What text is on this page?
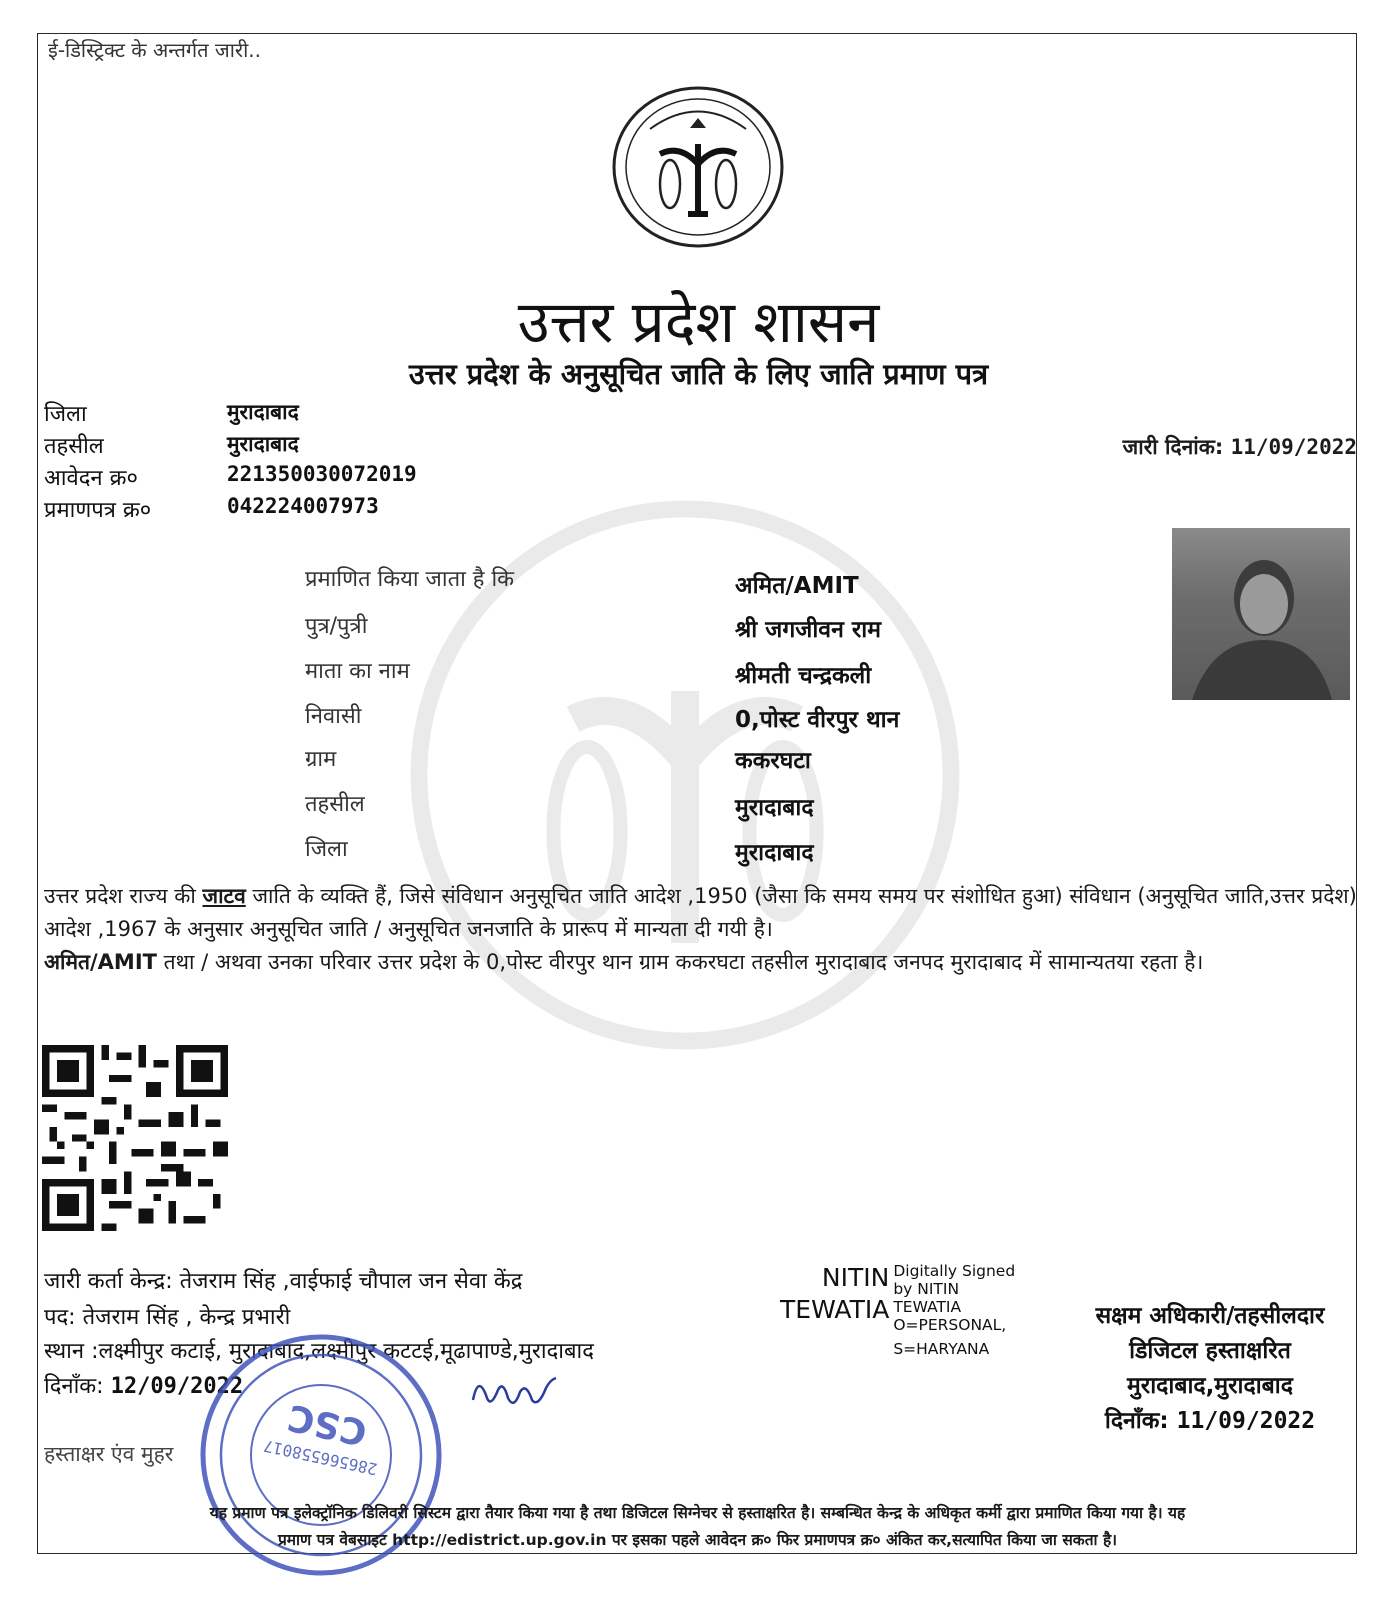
ई-डिस्ट्रिक्ट के अन्तर्गत जारी..
उत्तर प्रदेश शासन
उत्तर प्रदेश के अनुसूचित जाति के लिए जाति प्रमाण पत्र
जिला	मुरादाबाद
तहसील	मुरादाबाद
आवेदन क्र०	221350030072019
प्रमाणपत्र क्र०	042224007973
जारी दिनांक: 11/09/2022
प्रमाणित किया जाता है कि	अमित/AMIT
पुत्र/पुत्री	श्री जगजीवन राम
माता का नाम	श्रीमती चन्द्रकली
निवासी	0,पोस्ट वीरपुर थान
ग्राम	ककरघटा
तहसील	मुरादाबाद
जिला	मुरादाबाद
उत्तर प्रदेश राज्य की जाटव जाति के व्यक्ति हैं, जिसे संविधान अनुसूचित जाति आदेश ,1950 (जैसा कि समय समय पर संशोधित हुआ) संविधान (अनुसूचित जाति,उत्तर प्रदेश) आदेश ,1967 के अनुसार अनुसूचित जाति / अनुसूचित जनजाति के प्रारूप में मान्यता दी गयी है।
अमित/AMIT तथा / अथवा उनका परिवार उत्तर प्रदेश के 0,पोस्ट वीरपुर थान ग्राम ककरघटा तहसील मुरादाबाद जनपद मुरादाबाद में सामान्यतया रहता है।
जारी कर्ता केन्द्र: तेजराम सिंह ,वाईफाई चौपाल जन सेवा केंद्र
पद: तेजराम सिंह , केन्द्र प्रभारी
स्थान :लक्ष्मीपुर कटाई, मुरादाबाद,लक्ष्मीपुर कटटई,मूढापाण्डे,मुरादाबाद
दिनाँक: 12/09/2022
हस्ताक्षर एंव मुहर
CSC
286566558017
NITIN
TEWATIADigitally Signed
by NITIN
TEWATIA
O=PERSONAL,
S=HARYANA
सक्षम अधिकारी/तहसीलदार
डिजिटल हस्ताक्षरित
मुरादाबाद,मुरादाबाद
दिनाँक: 11/09/2022
यह प्रमाण पत्र इलेक्ट्रॉनिक डिलिवरी सिस्टम द्वारा तैयार किया गया है तथा डिजिटल सिग्नेचर से हस्ताक्षरित है। सम्बन्धित केन्द्र के अधिकृत कर्मी द्वारा प्रमाणित किया गया है। यह
प्रमाण पत्र वेबसाइट http://edistrict.up.gov.in पर इसका पहले आवेदन क्र० फिर प्रमाणपत्र क्र० अंकित कर,सत्यापित किया जा सकता है।
